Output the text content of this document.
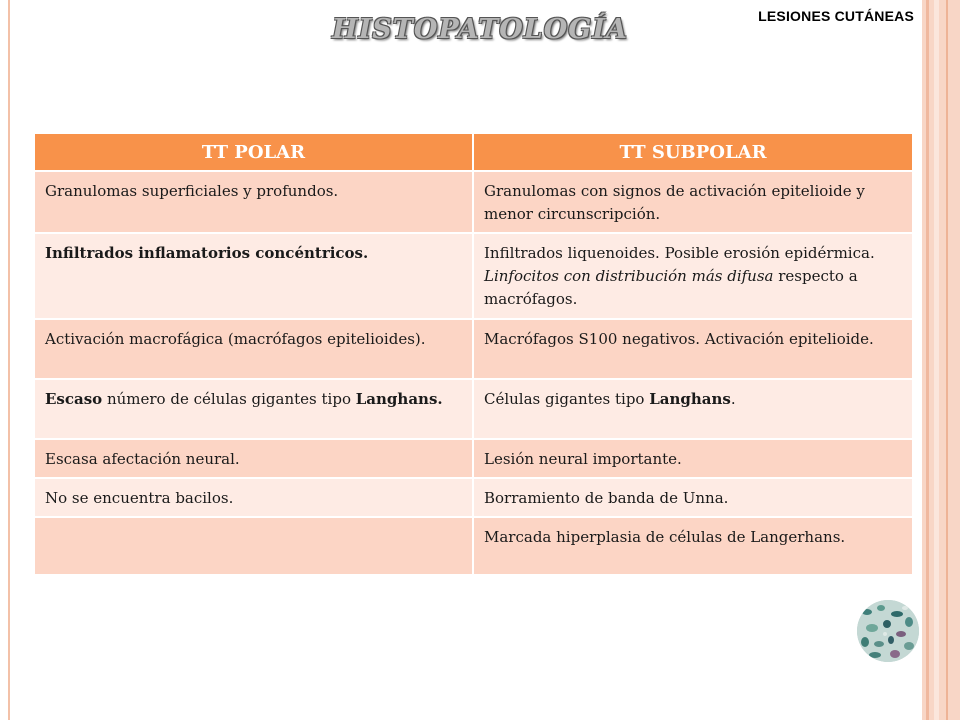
LESIONES CUTÁNEAS
HISTOPATOLOGÍA
TT POLAR	TT SUBPOLAR
Granulomas superficiales y profundos.	Granulomas con signos de activación epitelioide y menor circunscripción.
Infiltrados inflamatorios concéntricos.	Infiltrados liquenoides. Posible erosión epidérmica. Linfocitos con distribución más difusa respecto a macrófagos.
Activación macrofágica (macrófagos epitelioides).	Macrófagos S100 negativos. Activación epitelioide.
Escaso número de células gigantes tipo Langhans.	Células gigantes tipo Langhans.
Escasa afectación neural.	Lesión neural importante.
No se encuentra bacilos.	Borramiento de banda de Unna.
	Marcada hiperplasia de células de Langerhans.
